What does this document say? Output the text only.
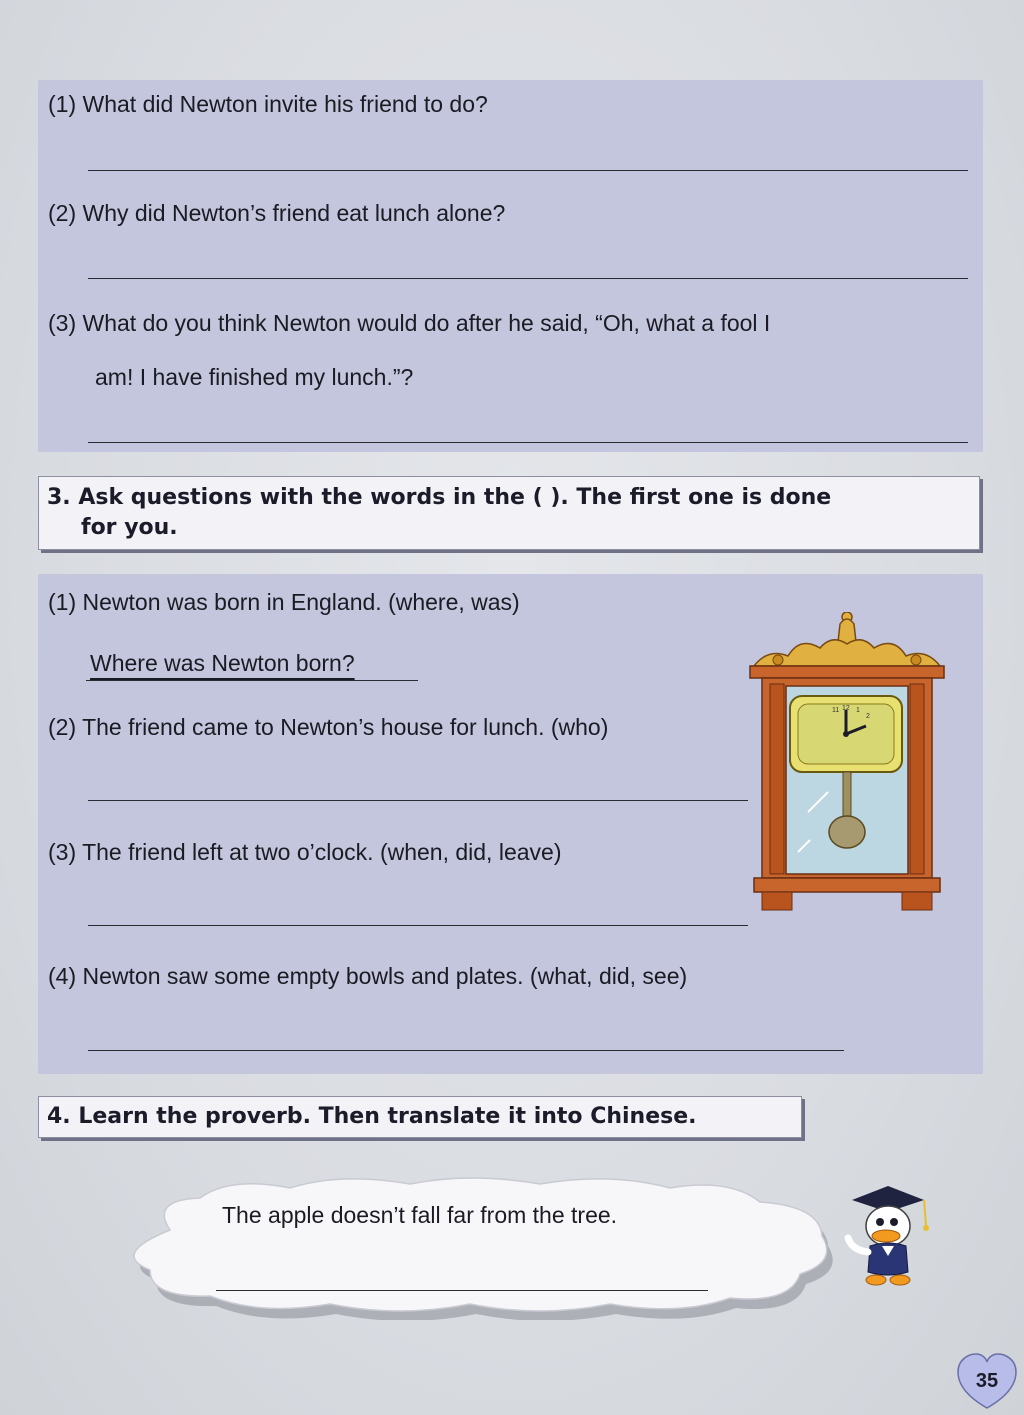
(1) What did Newton invite his friend to do?
(2) Why did Newton’s friend eat lunch alone?
(3) What do you think Newton would do after he said, “Oh, what a fool I
am! I have finished my lunch.”?
3. Ask questions with the words in the ( ). The first one is done
for you.
(1) Newton was born in England. (where, was)
Where was Newton born?
(2) The friend came to Newton’s house for lunch. (who)
(3) The friend left at two o’clock. (when, did, leave)
(4) Newton saw some empty bowls and plates. (what, did, see)
11 12 1
2
4. Learn the proverb. Then translate it into Chinese.
The apple doesn’t fall far from the tree.
35
